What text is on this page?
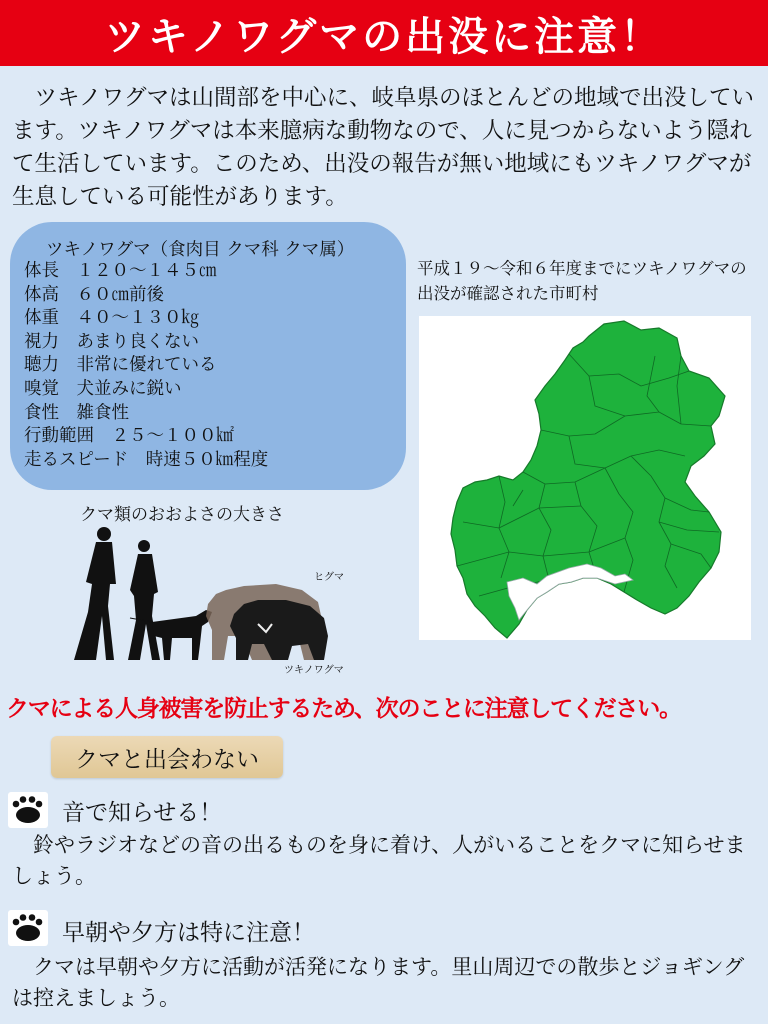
ツキノワグマの出没に注意！

　ツキノワグマは山間部を中心に、岐阜県のほとんどの地域で出没しています。ツキノワグマは本来臆病な動物なので、人に見つからないよう隠れて生活しています。このため、出没の報告が無い地域にもツキノワグマが生息している可能性があります。

ツキノワグマ（食肉目 クマ科 クマ属）
体長　１２０～１４５㎝
体高　６０㎝前後
体重　４０～１３０㎏
視力　あまり良くない
聴力　非常に優れている
嗅覚　犬並みに鋭い
食性　雑食性
行動範囲　２５～１００㎢
走るスピード　時速５０㎞程度
平成１９～令和６年度までにツキノワグマの出没が確認された市町村
クマ類のおおよさの大きさ
ヒグマ
ツキノワグマ
クマによる人身被害を防止するため、次のことに注意してください。
クマと出会わない
音で知らせる！

　鈴やラジオなどの音の出るものを身に着け、人がいることをクマに知らせましょう。

早朝や夕方は特に注意！

　クマは早朝や夕方に活動が活発になります。里山周辺での散歩とジョギングは控えましょう。
